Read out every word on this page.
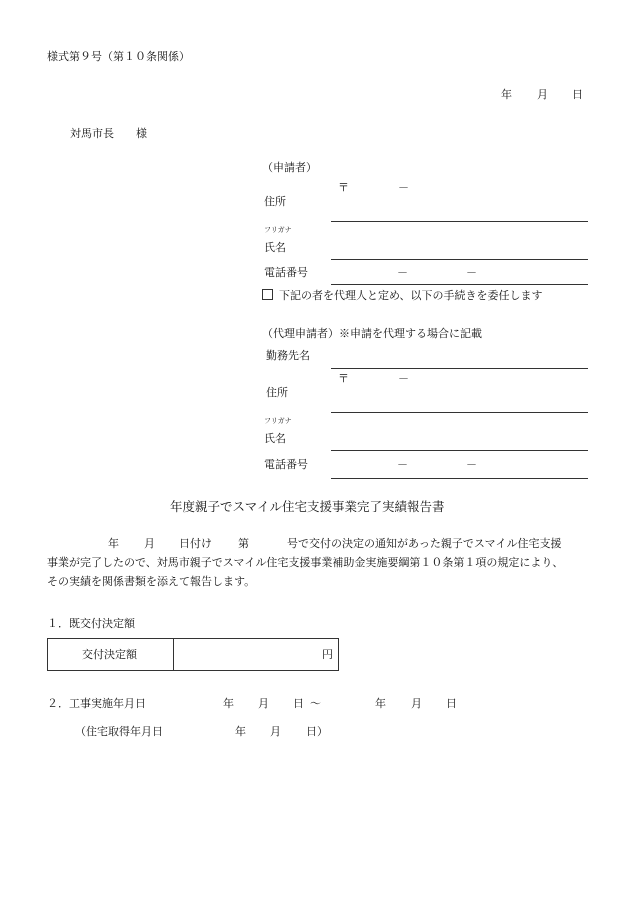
様式第９号（第１０条関係）
年 月 日
対馬市長　　様
（申請者）
〒	－
住所
フリガナ
氏名
電話番号	－	－
下記の者を代理人と定め、以下の手続きを委任します
（代理申請者）※申請を代理する場合に記載
勤務先名
〒	－
住所
フリガナ
氏名
電話番号	－	－
年度親子でスマイル住宅支援事業完了実績報告書
年 月 日付け 第	号で交付の決定の通知があった親子でスマイル住宅支援
事業が完了したので、対馬市親子でスマイル住宅支援事業補助金実施要綱第１０条第１項の規定により、
その実績を関係書類を添えて報告します。
１．既交付決定額
交付決定額	円
２．工事実施年月日	年 月 日 ～	年 月 日
（住宅取得年月日	年 月 日）
